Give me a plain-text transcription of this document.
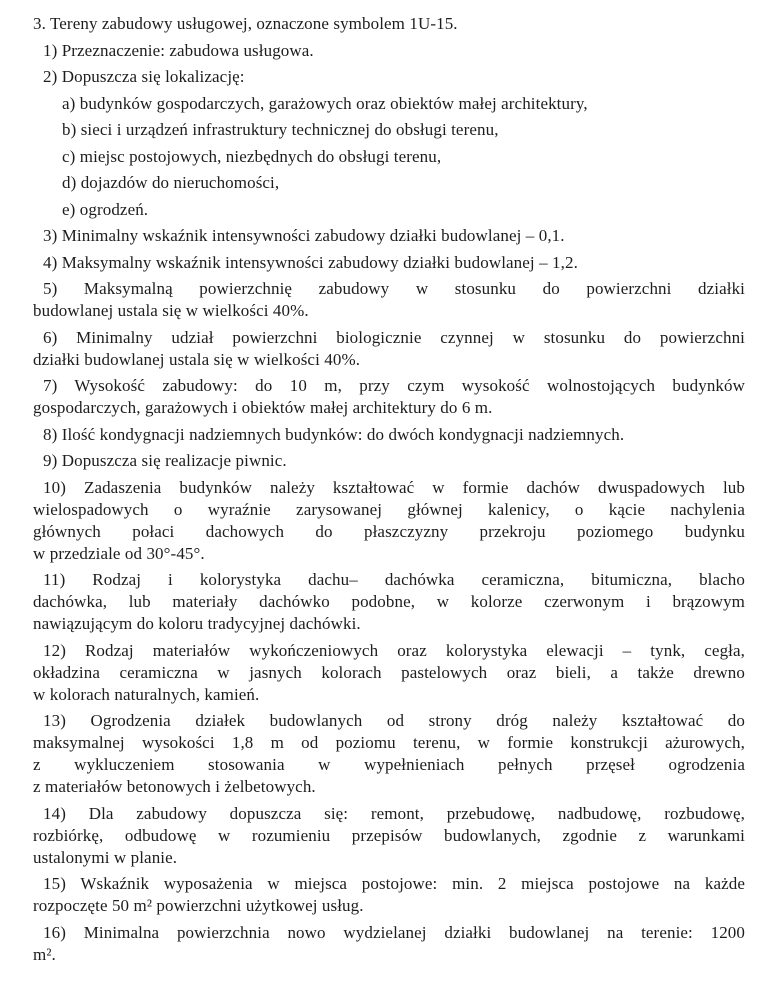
3. Tereny zabudowy usługowej, oznaczone symbolem 1U-15.
1) Przeznaczenie: zabudowa usługowa.
2) Dopuszcza się lokalizację:
a) budynków gospodarczych, garażowych oraz obiektów małej architektury,
b) sieci i urządzeń infrastruktury technicznej do obsługi terenu,
c) miejsc postojowych, niezbędnych do obsługi terenu,
d) dojazdów do nieruchomości,
e) ogrodzeń.
3) Minimalny wskaźnik intensywności zabudowy działki budowlanej – 0,1.
4) Maksymalny wskaźnik intensywności zabudowy działki budowlanej – 1,2.
5) Maksymalną powierzchnię zabudowy w stosunku do powierzchni działki
budowlanej ustala się w wielkości 40%.
6) Minimalny udział powierzchni biologicznie czynnej w stosunku do powierzchni
działki budowlanej ustala się w wielkości 40%.
7) Wysokość zabudowy: do 10 m, przy czym wysokość wolnostojących budynków
gospodarczych, garażowych i obiektów małej architektury do 6 m.
8) Ilość kondygnacji nadziemnych budynków: do dwóch kondygnacji nadziemnych.
9) Dopuszcza się realizacje piwnic.
10) Zadaszenia budynków należy kształtować w formie dachów dwuspadowych lub
wielospadowych o wyraźnie zarysowanej głównej kalenicy, o kącie nachylenia
głównych połaci dachowych do płaszczyzny przekroju poziomego budynku
w przedziale od 30°-45°.
11) Rodzaj i kolorystyka dachu– dachówka ceramiczna, bitumiczna, blacho
dachówka, lub materiały dachówko podobne, w kolorze czerwonym i brązowym
nawiązującym do koloru tradycyjnej dachówki.
12) Rodzaj materiałów wykończeniowych oraz kolorystyka elewacji – tynk, cegła,
okładzina ceramiczna w jasnych kolorach pastelowych oraz bieli, a także drewno
w kolorach naturalnych, kamień.
13) Ogrodzenia działek budowlanych od strony dróg należy kształtować do
maksymalnej wysokości 1,8 m od poziomu terenu, w formie konstrukcji ażurowych,
z wykluczeniem stosowania w wypełnieniach pełnych przęseł ogrodzenia
z materiałów betonowych i żelbetowych.
14) Dla zabudowy dopuszcza się: remont, przebudowę, nadbudowę, rozbudowę,
rozbiórkę, odbudowę w rozumieniu przepisów budowlanych, zgodnie z warunkami
ustalonymi w planie.
15) Wskaźnik wyposażenia w miejsca postojowe: min. 2 miejsca postojowe na każde
rozpoczęte 50 m² powierzchni użytkowej usług.
16) Minimalna powierzchnia nowo wydzielanej działki budowlanej na terenie: 1200
m².
